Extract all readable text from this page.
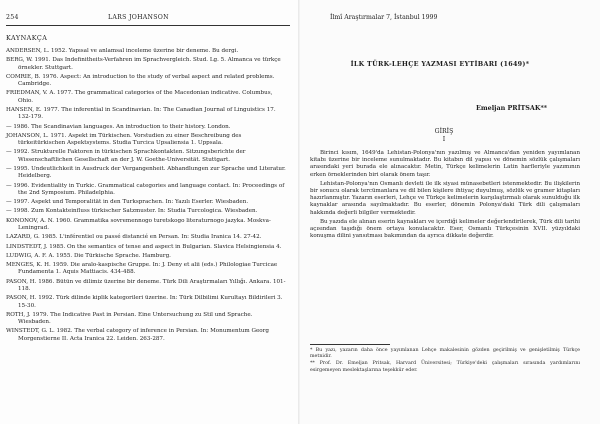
254	LARS JOHANSON
KAYNAKÇA
ANDERSEN, L. 1952. Yapısal ve anlamsal inceleme üzerine bir deneme. Bu dergi.
BERG, W. 1991. Das Indefinitheits-Verfahren im Sprachvergleich. Stud. Lg. 5. Almanca ve türkçe örnekler. Stuttgart.
COMRIE, B. 1976. Aspect: An introduction to the study of verbal aspect and related problems. Cambridge.
FRIEDMAN, V. A. 1977. The grammatical categories of the Macedonian indicative. Columbus, Ohio.
HANSEN, E. 1977. The inferential in Scandinavian. In: The Canadian Journal of Linguistics 17. 132-179.
— 1986. The Scandinavian languages. An introduction to their history. London.
JOHANSON, L. 1971. Aspekt im Türkischen. Vorstudien zu einer Beschreibung des türkeitürkischen Aspektsystems. Studia Turcica Upsaliensia 1. Uppsala.
— 1992. Strukturelle Faktoren in türkischen Sprachkontakten. Sitzungsberichte der Wissenschaftlichen Gesellschaft an der J. W. Goethe-Universität. Stuttgart.
— 1995. Undeutlichkeit in Ausdruck der Vergangenheit. Abhandlungen zur Sprache und Literatur. Heidelberg.
— 1996. Evidentiality in Turkic. Grammatical categories and language contact. In: Proceedings of the 2nd Symposium. Philadelphia.
— 1997. Aspekt und Temporalität in den Turksprachen. In: Yazılı Eserler. Wiesbaden.
— 1998. Zum Kontakteinfluss türkischer Satzmuster. In: Studia Turcologica. Wiesbaden.
KONONOV, A. N. 1960. Grammatika sovremennogo turetskogo literaturnogo jazyka. Moskva-Leningrad.
LAZARD, G. 1985. L'inférentiel ou passé distancié en Persan. In: Studia Iranica 14. 27-42.
LINDSTEDT, J. 1985. On the semantics of tense and aspect in Bulgarian. Slavica Helsingiensia 4.
LUDWIG, A. F. A. 1955. Die Türkische Sprache. Hamburg.
MENGES, K. H. 1959. Die aralo-kaspische Gruppe. In: J. Deny et alii (eds.) Philologiae Turcicae Fundamenta 1. Aquis Mattiacis. 434-488.
PASON, H. 1986. Bütün ve dilimiz üzerine bir deneme. Türk Dili Araştırmaları Yıllığı. Ankara. 101-118.
PASON, H. 1992. Türk dilinde kiplik kategorileri üzerine. In: Türk Dilbilimi Kurultayı Bildirileri 3. 15-30.
ROTH, J. 1979. The Indicative Past in Persian. Eine Untersuchung zu Stil und Sprache. Wiesbaden.
WINSTEDT, G. L. 1982. The verbal category of inference in Persian. In: Monumentum Georg Morgenstierne II. Acta Iranica 22. Leiden. 263-287.
İlmî Araştırmalar 7, İstanbul 1999
İLK TÜRK-LEHÇE YAZMASI EYTİBARI (1649)*
Emeljan PRİTSAK**
GİRİŞ
I
Birinci kısım, 1649'da Lehistan-Polonya'nın yazılmış ve Almanca'dan yeniden yayımlanan kitabı üzerine bir inceleme sunulmaktadır. Bu kitabın dil yapısı ve dönemin sözlük çalışmaları arasındaki yeri burada ele alınacaktır. Metin, Türkçe kelimelerin Latin harfleriyle yazımının erken örneklerinden biri olarak önem taşır.
Lehistan-Polonya'nın Osmanlı devleti ile ilk siyasi münasebetleri istenmektedir. Bu ilişkilerin bir sonucu olarak tercümanlara ve dil bilen kişilere ihtiyaç duyulmuş, sözlük ve gramer kitapları hazırlanmıştır. Yazarın eserleri, Lehçe ve Türkçe kelimelerin karşılaştırmalı olarak sunulduğu ilk kaynaklar arasında sayılmaktadır. Bu eserler, dönemin Polonya'daki Türk dili çalışmaları hakkında değerli bilgiler vermektedir.
Bu yazıda ele alınan eserin kaynakları ve içerdiği kelimeler değerlendirilerek, Türk dili tarihi açısından taşıdığı önem ortaya konulacaktır. Eser, Osmanlı Türkçesinin XVII. yüzyıldaki konuşma dilini yansıtması bakımından da ayrıca dikkate değerdir.
* Bu yazı, yazarın daha önce yayımlanan Lehçe makalesinin gözden geçirilmiş ve genişletilmiş Türkçe metnidir.
** Prof. Dr. Emeljan Pritsak, Harvard Üniversitesi; Türkiye'deki çalışmaları sırasında yardımlarını esirgemeyen meslektaşlarına teşekkür eder.
